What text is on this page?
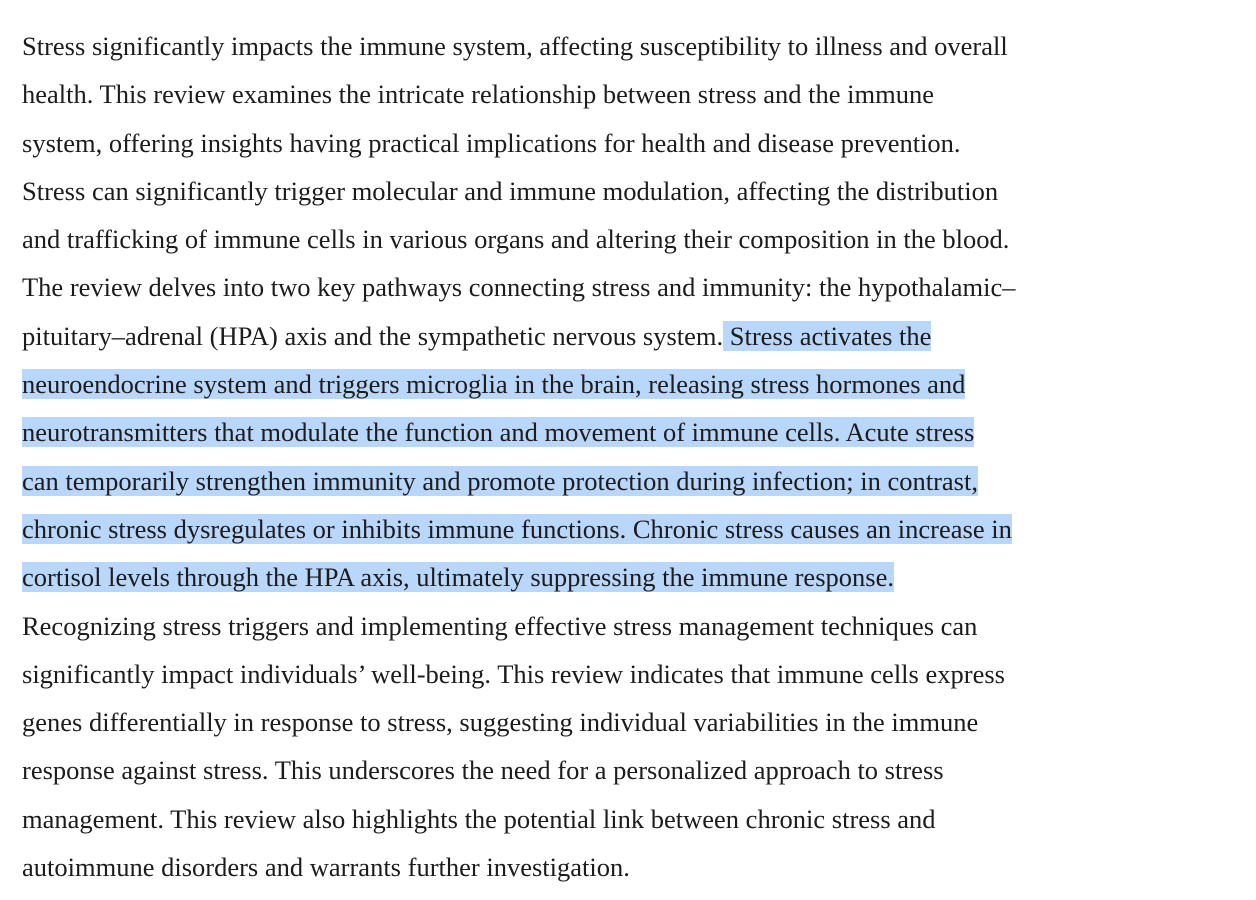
Stress significantly impacts the immune system, affecting susceptibility to illness and overall
health. This review examines the intricate relationship between stress and the immune
system, offering insights having practical implications for health and disease prevention.
Stress can significantly trigger molecular and immune modulation, affecting the distribution
and trafficking of immune cells in various organs and altering their composition in the blood.
The review delves into two key pathways connecting stress and immunity: the hypothalamic–
pituitary–adrenal (HPA) axis and the sympathetic nervous system. Stress activates the
neuroendocrine system and triggers microglia in the brain, releasing stress hormones and
neurotransmitters that modulate the function and movement of immune cells. Acute stress
can temporarily strengthen immunity and promote protection during infection; in contrast,
chronic stress dysregulates or inhibits immune functions. Chronic stress causes an increase in
cortisol levels through the HPA axis, ultimately suppressing the immune response.
Recognizing stress triggers and implementing effective stress management techniques can
significantly impact individuals’ well-being. This review indicates that immune cells express
genes differentially in response to stress, suggesting individual variabilities in the immune
response against stress. This underscores the need for a personalized approach to stress
management. This review also highlights the potential link between chronic stress and
autoimmune disorders and warrants further investigation.
